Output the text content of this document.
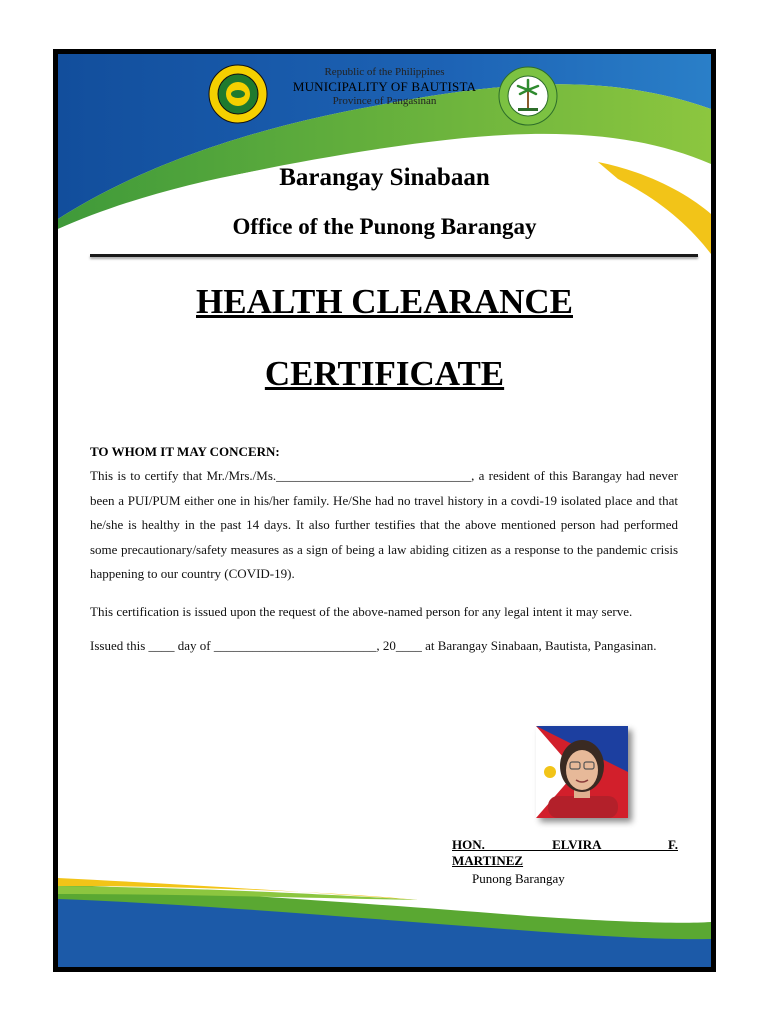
Republic of the Philippines
MUNICIPALITY OF BAUTISTA
Province of Pangasinan
Barangay Sinabaan
Office of the Punong Barangay
HEALTH CLEARANCE
CERTIFICATE
TO WHOM IT MAY CONCERN:
This is to certify that Mr./Mrs./Ms.______________________________, a resident of this Barangay had never been a PUI/PUM either one in his/her family. He/She had no travel history in a covdi-19 isolated place and that he/she is healthy in the past 14 days. It also further testifies that the above mentioned person had performed some precautionary/safety measures as a sign of being a law abiding citizen as a response to the pandemic crisis happening to our country (COVID-19).
This certification is issued upon the request of the above-named person for any legal intent it may serve.
Issued this ____ day of _________________________, 20____ at Barangay Sinabaan, Bautista, Pangasinan.
HON. ELVIRA F.
MARTINEZ
Punong Barangay
